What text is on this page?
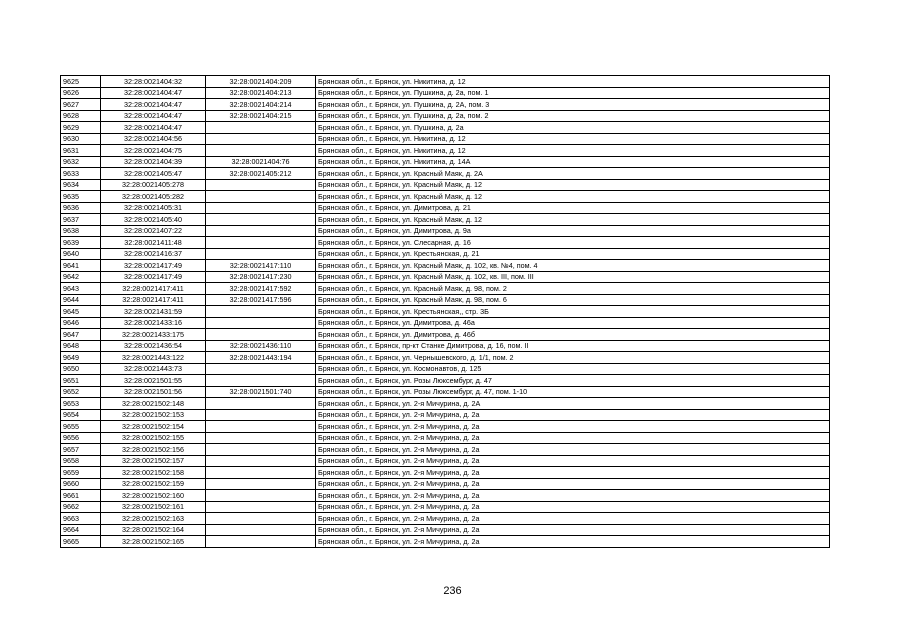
9625	32:28:0021404:32	32:28:0021404:209	Брянская обл., г. Брянск, ул. Никитина, д. 12
9626	32:28:0021404:47	32:28:0021404:213	Брянская обл., г. Брянск, ул. Пушкина, д. 2а, пом. 1
9627	32:28:0021404:47	32:28:0021404:214	Брянская обл., г. Брянск, ул. Пушкина, д. 2А, пом. 3
9628	32:28:0021404:47	32:28:0021404:215	Брянская обл., г. Брянск, ул. Пушкина, д. 2а, пом. 2
9629	32:28:0021404:47		Брянская обл., г. Брянск, ул. Пушкина, д. 2а
9630	32:28:0021404:56		Брянская обл., г. Брянск, ул. Никитина, д. 12
9631	32:28:0021404:75		Брянская обл., г. Брянск, ул. Никитина, д. 12
9632	32:28:0021404:39	32:28:0021404:76	Брянская обл., г. Брянск, ул. Никитина, д. 14А
9633	32:28:0021405:47	32:28:0021405:212	Брянская обл., г. Брянск, ул. Красный Маяк, д. 2А
9634	32:28:0021405:278		Брянская обл., г. Брянск, ул. Красный Маяк, д. 12
9635	32:28:0021405:282		Брянская обл., г. Брянск, ул. Красный Маяк, д. 12
9636	32:28:0021405:31		Брянская обл., г. Брянск, ул. Димитрова, д. 21
9637	32:28:0021405:40		Брянская обл., г. Брянск, ул. Красный Маяк, д. 12
9638	32:28:0021407:22		Брянская обл., г. Брянск, ул. Димитрова, д. 9а
9639	32:28:0021411:48		Брянская обл., г. Брянск, ул. Слесарная, д. 16
9640	32:28:0021416:37		Брянская обл., г. Брянск, ул. Крестьянская, д. 21
9641	32:28:0021417:49	32:28:0021417:110	Брянская обл., г. Брянск, ул. Красный Маяк, д. 102, кв. №4, пом. 4
9642	32:28:0021417:49	32:28:0021417:230	Брянская обл., г. Брянск, ул. Красный Маяк, д. 102, кв. III, пом. III
9643	32:28:0021417:411	32:28:0021417:592	Брянская обл., г. Брянск, ул. Красный Маяк, д. 98, пом. 2
9644	32:28:0021417:411	32:28:0021417:596	Брянская обл., г. Брянск, ул. Красный Маяк, д. 98, пом. 6
9645	32:28:0021431:59		Брянская обл., г. Брянск, ул. Крестьянская,, стр. 3Б
9646	32:28:0021433:16		Брянская обл., г. Брянск, ул. Димитрова, д. 46а
9647	32:28:0021433:175		Брянская обл., г. Брянск, ул. Димитрова, д. 46б
9648	32:28:0021436:54	32:28:0021436:110	Брянская обл., г. Брянск, пр-кт Станке Димитрова, д. 16, пом. II
9649	32:28:0021443:122	32:28:0021443:194	Брянская обл., г. Брянск, ул. Чернышевского, д. 1/1, пом. 2
9650	32:28:0021443:73		Брянская обл., г. Брянск, ул. Космонавтов, д. 125
9651	32:28:0021501:55		Брянская обл., г. Брянск, ул. Розы Люксембург, д. 47
9652	32:28:0021501:56	32:28:0021501:740	Брянская обл., г. Брянск, ул. Розы Люксембург, д. 47, пом. 1-10
9653	32:28:0021502:148		Брянская обл., г. Брянск, ул. 2-я Мичурина, д. 2А
9654	32:28:0021502:153		Брянская обл., г. Брянск, ул. 2-я Мичурина, д. 2а
9655	32:28:0021502:154		Брянская обл., г. Брянск, ул. 2-я Мичурина, д. 2а
9656	32:28:0021502:155		Брянская обл., г. Брянск, ул. 2-я Мичурина, д. 2а
9657	32:28:0021502:156		Брянская обл., г. Брянск, ул. 2-я Мичурина, д. 2а
9658	32:28:0021502:157		Брянская обл., г. Брянск, ул. 2-я Мичурина, д. 2а
9659	32:28:0021502:158		Брянская обл., г. Брянск, ул. 2-я Мичурина, д. 2а
9660	32:28:0021502:159		Брянская обл., г. Брянск, ул. 2-я Мичурина, д. 2а
9661	32:28:0021502:160		Брянская обл., г. Брянск, ул. 2-я Мичурина, д. 2а
9662	32:28:0021502:161		Брянская обл., г. Брянск, ул. 2-я Мичурина, д. 2а
9663	32:28:0021502:163		Брянская обл., г. Брянск, ул. 2-я Мичурина, д. 2а
9664	32:28:0021502:164		Брянская обл., г. Брянск, ул. 2-я Мичурина, д. 2а
9665	32:28:0021502:165		Брянская обл., г. Брянск, ул. 2-я Мичурина, д. 2а
236
